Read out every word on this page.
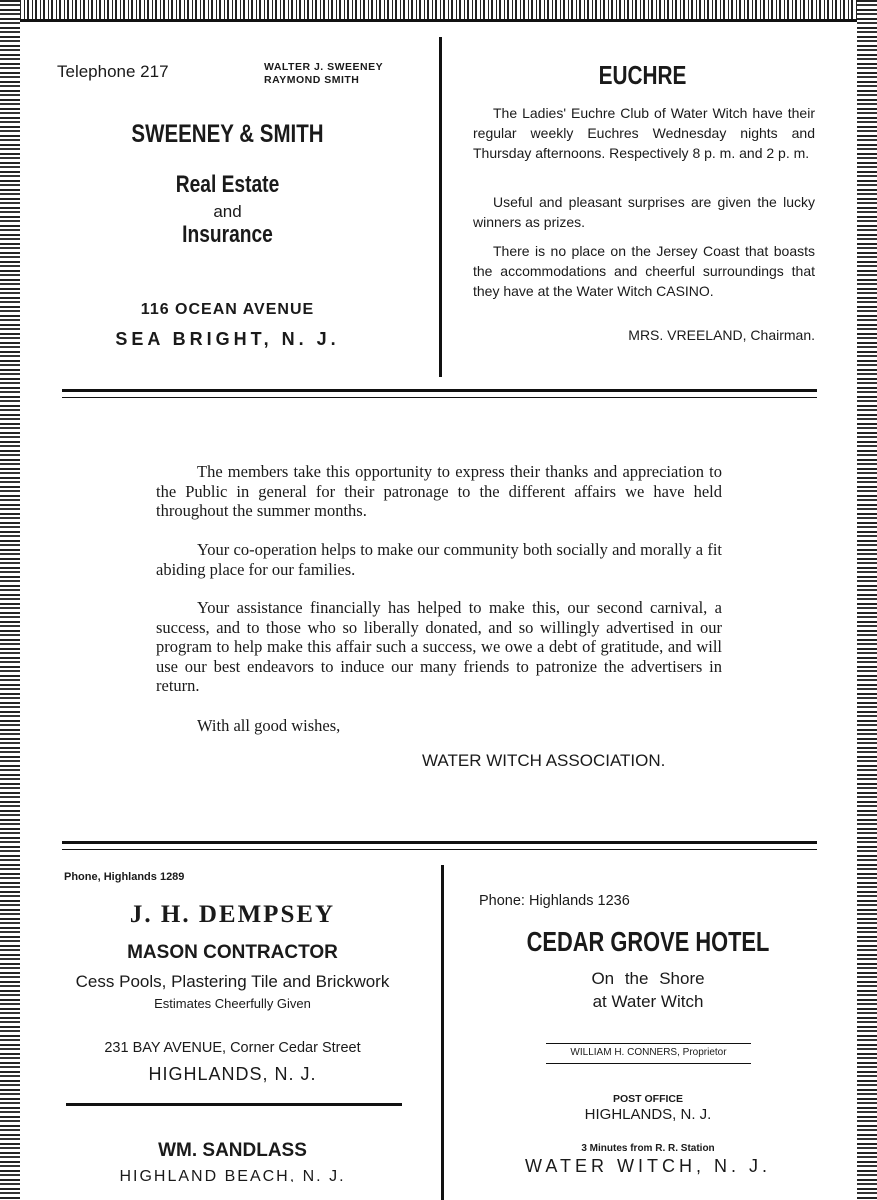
Telephone 217	WALTER J. SWEENEY
RAYMOND SMITH
SWEENEY & SMITH
Real Estate
and
Insurance
116 OCEAN AVENUE
SEA BRIGHT, N. J.
EUCHRE

The Ladies' Euchre Club of Water Witch have their regular weekly Euchres Wednesday nights and Thursday afternoons. Respectively 8 p. m. and 2 p. m.

Useful and pleasant surprises are given the lucky winners as prizes.

There is no place on the Jersey Coast that boasts the accommodations and cheerful surroundings that they have at the Water Witch CASINO.

MRS. VREELAND, Chairman.

The members take this opportunity to express their thanks and appreciation to the Public in general for their patronage to the different affairs we have held throughout the summer months.

Your co-operation helps to make our community both socially and morally a fit abiding place for our families.

Your assistance financially has helped to make this, our second carnival, a success, and to those who so liberally donated, and so willingly advertised in our program to help make this affair such a success, we owe a debt of gratitude, and will use our best endeavors to induce our many friends to patronize the advertisers in return.

With all good wishes,
WATER WITCH ASSOCIATION.
Phone, Highlands 1289
J. H. DEMPSEY
MASON CONTRACTOR
Cess Pools, Plastering Tile and Brickwork
Estimates Cheerfully Given
231 BAY AVENUE, Corner Cedar Street
HIGHLANDS, N. J.
WM. SANDLASS
HIGHLAND BEACH, N. J.
Phone: Highlands 1236
CEDAR GROVE HOTEL
On the Shore
at Water Witch
WILLIAM H. CONNERS, Proprietor
POST OFFICE
HIGHLANDS, N. J.
3 Minutes from R. R. Station
WATER WITCH, N. J.
